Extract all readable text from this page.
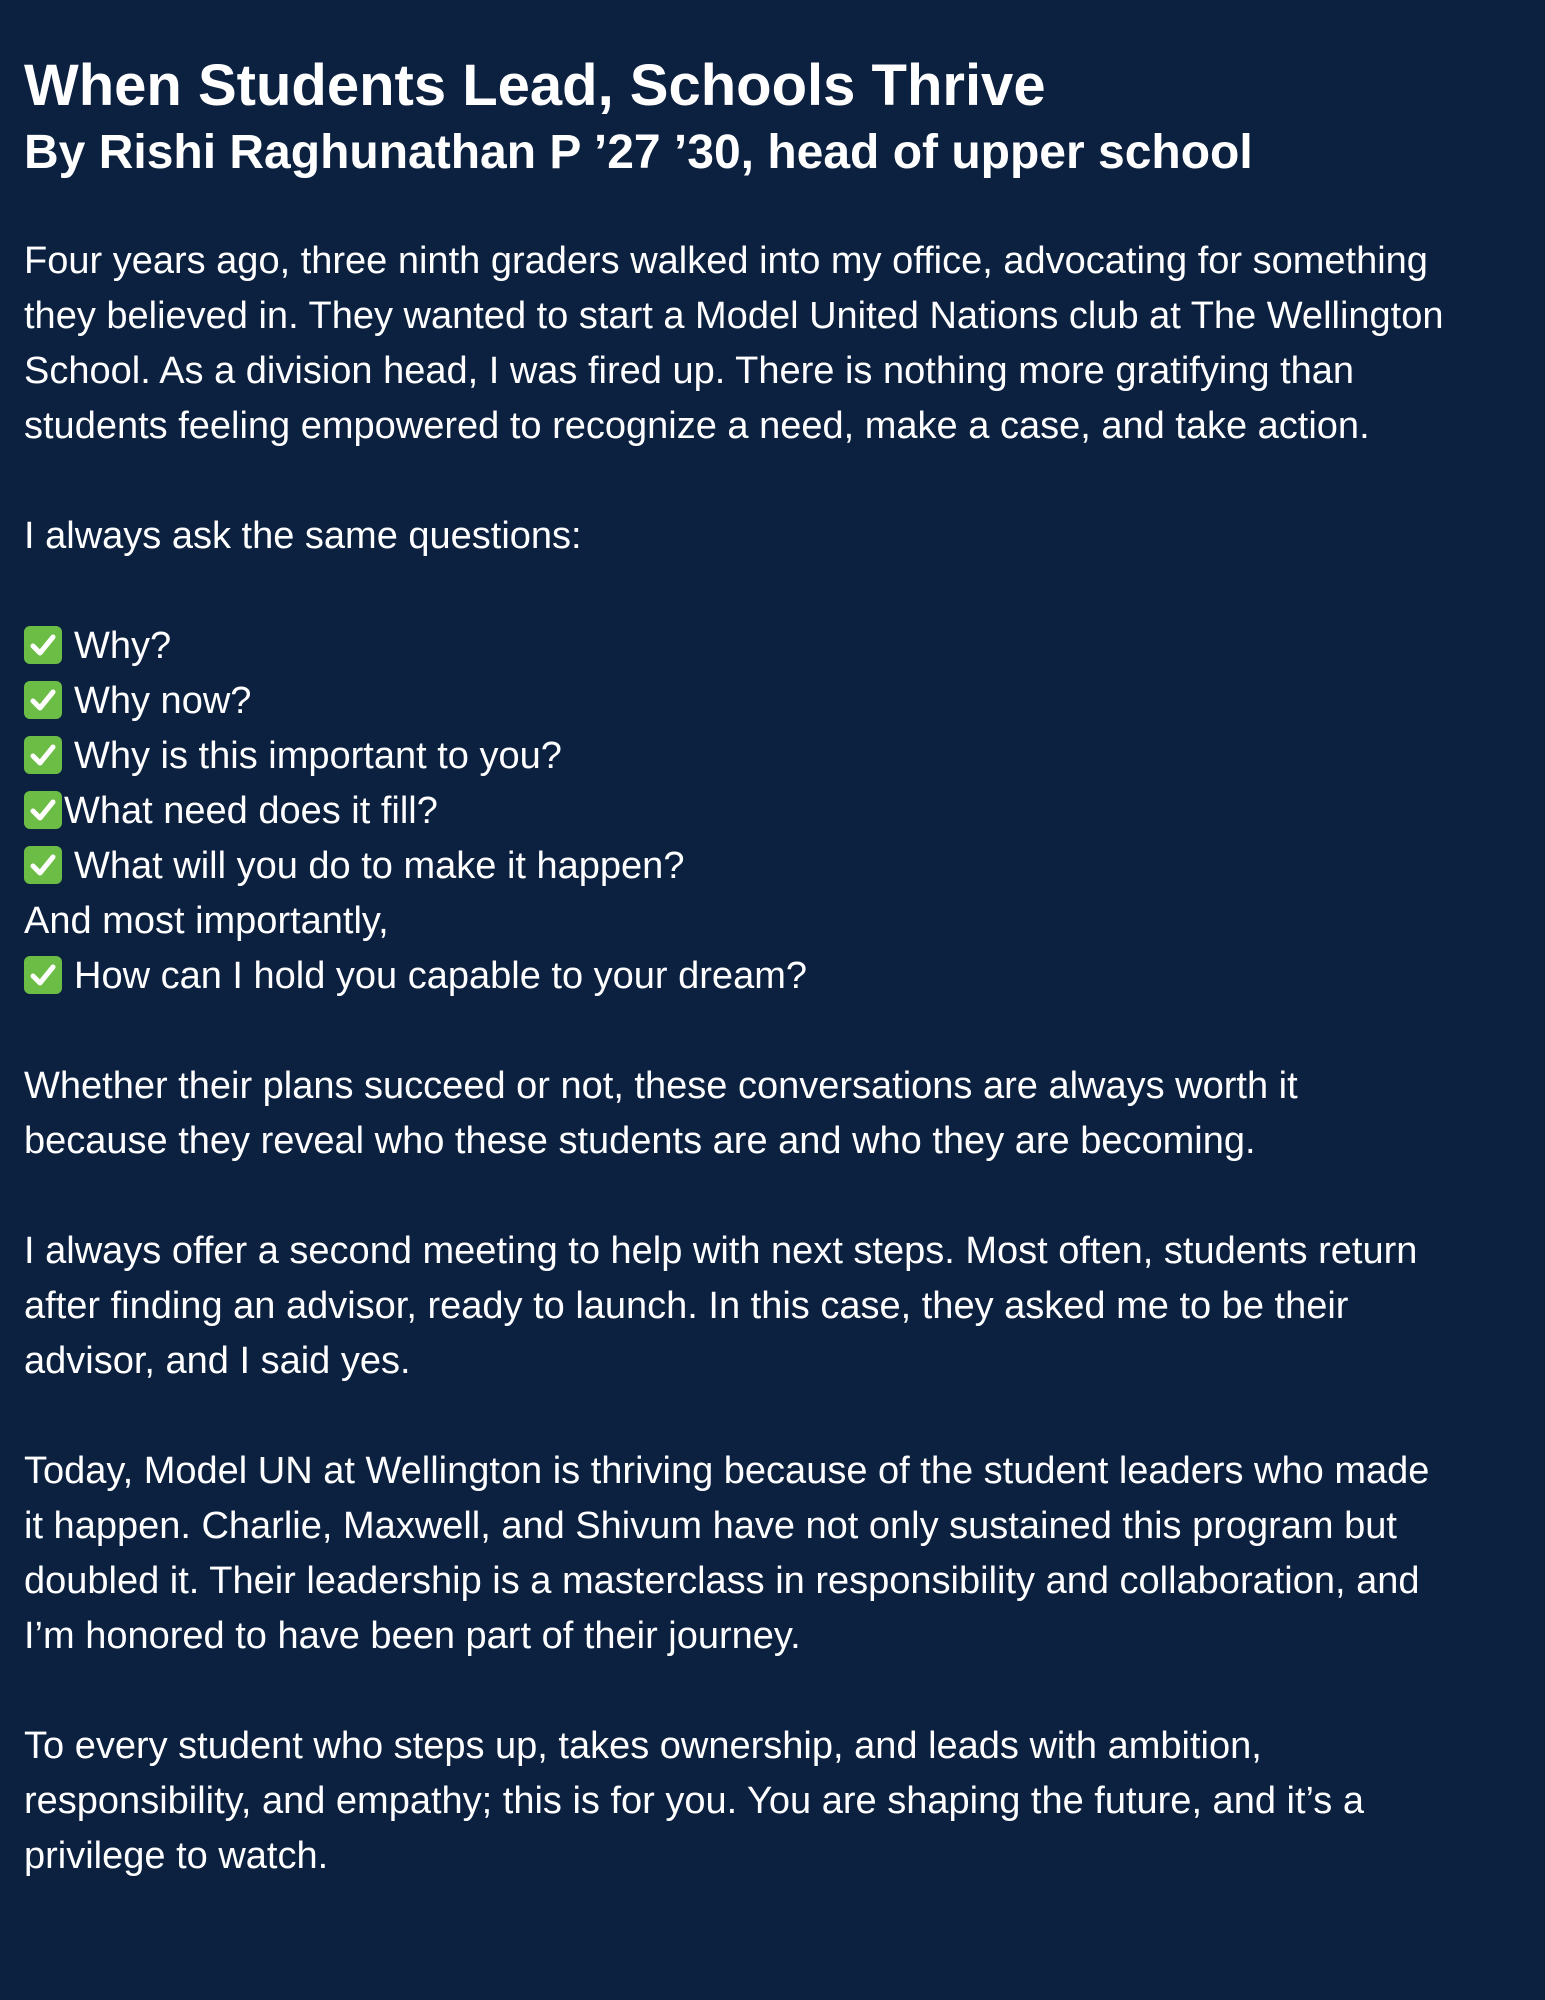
When Students Lead, Schools Thrive
By Rishi Raghunathan P ’27 ’30, head of upper school
Four years ago, three ninth graders walked into my office, advocating for something
they believed in. They wanted to start a Model United Nations club at The Wellington
School. As a division head, I was fired up. There is nothing more gratifying than
students feeling empowered to recognize a need, make a case, and take action.
I always ask the same questions:
Why?
Why now?
Why is this important to you?
What need does it fill?
What will you do to make it happen?
And most importantly,
How can I hold you capable to your dream?
Whether their plans succeed or not, these conversations are always worth it
because they reveal who these students are and who they are becoming.
I always offer a second meeting to help with next steps. Most often, students return
after finding an advisor, ready to launch. In this case, they asked me to be their
advisor, and I said yes.
Today, Model UN at Wellington is thriving because of the student leaders who made
it happen. Charlie, Maxwell, and Shivum have not only sustained this program but
doubled it. Their leadership is a masterclass in responsibility and collaboration, and
I’m honored to have been part of their journey.
To every student who steps up, takes ownership, and leads with ambition,
responsibility, and empathy; this is for you. You are shaping the future, and it’s a
privilege to watch.
